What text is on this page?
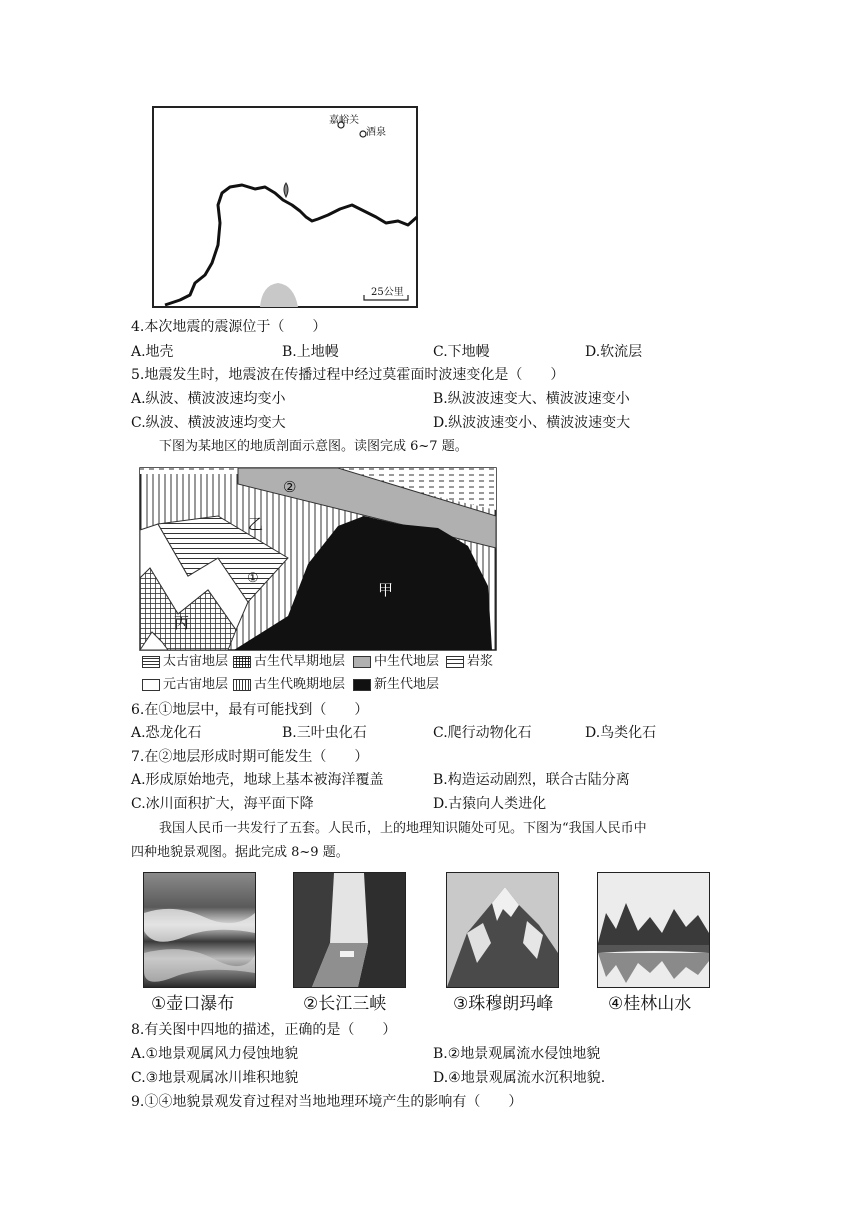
嘉峪关
酒泉
25公里
4.本次地震的震源位于（　　）
A.地壳	B.上地幔	C.下地幔	D.软流层
5.地震发生时，地震波在传播过程中经过莫霍面时波速变化是（　　）
A.纵波、横波波速均变小	B.纵波波速变大、横波波速变小
C.纵波、横波波速均变大	D.纵波波速变小、横波波速变大
下图为某地区的地质剖面示意图。读图完成 6~7 题。
②
乙
①
甲
丙
太古宙地层	古生代早期地层	中生代地层	岩浆
元古宙地层	古生代晚期地层	新生代地层
6.在①地层中，最有可能找到（　　）
A.恐龙化石	B.三叶虫化石	C.爬行动物化石	D.鸟类化石
7.在②地层形成时期可能发生（　　）
A.形成原始地壳，地球上基本被海洋覆盖	B.构造运动剧烈，联合古陆分离
C.冰川面积扩大，海平面下降	D.古猿向人类进化
我国人民币一共发行了五套。人民币，上的地理知识随处可见。下图为“我国人民币中
四种地貌景观图。据此完成 8~9 题。
①壶口瀑布	②长江三峡	③珠穆朗玛峰	④桂林山水
8.有关图中四地的描述，正确的是（　　）
A.①地景观属风力侵蚀地貌	B.②地景观属流水侵蚀地貌
C.③地景观属冰川堆积地貌	D.④地景观属流水沉积地貌.
9.①④地貌景观发育过程对当地地理环境产生的影响有（　　）
